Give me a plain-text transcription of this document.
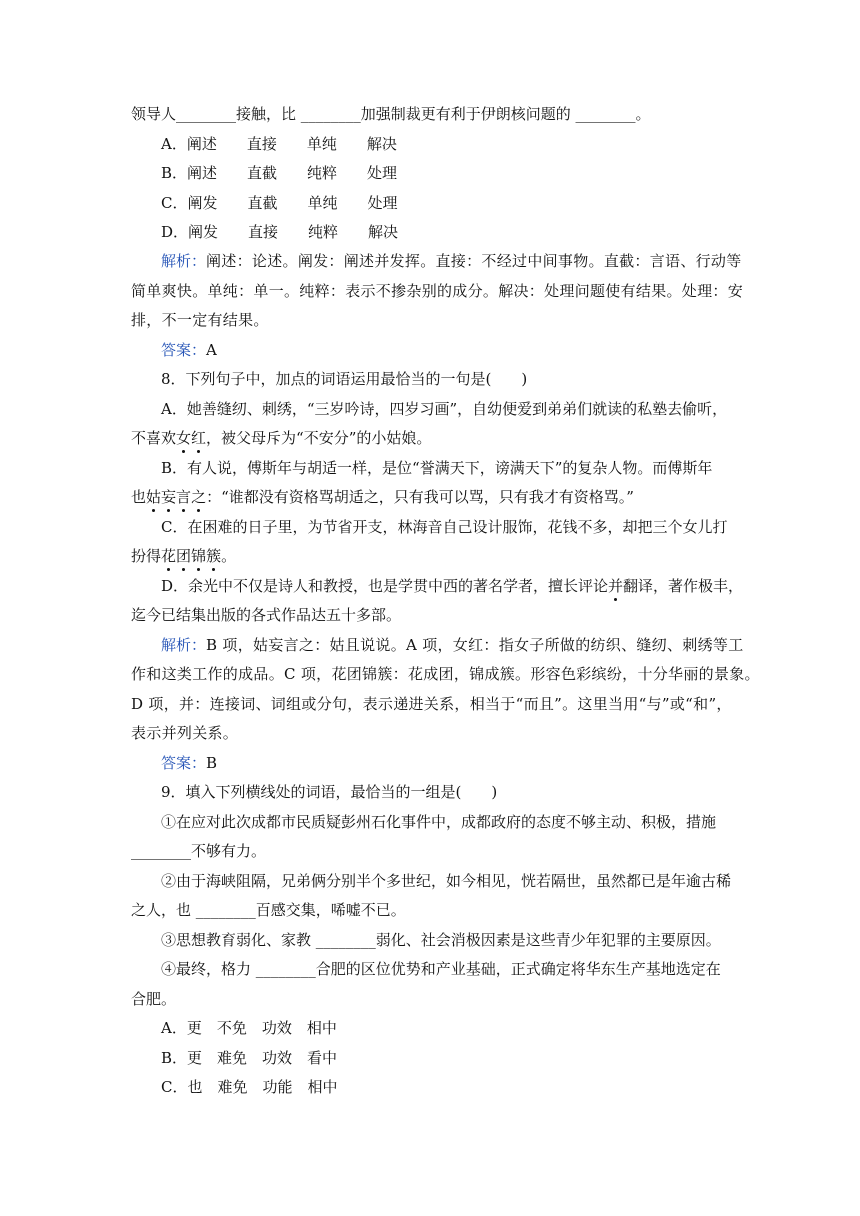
领导人________接触，比 ________加强制裁更有利于伊朗核问题的 ________。
A．阐述　　直接　　单纯　　解决
B．阐述　　直截　　纯粹　　处理
C．阐发　　直截　　单纯　　处理
D．阐发　　直接　　纯粹　　解决
解析：阐述：论述。阐发：阐述并发挥。直接：不经过中间事物。直截：言语、行动等
简单爽快。单纯：单一。纯粹：表示不掺杂别的成分。解决：处理问题使有结果。处理：安
排，不一定有结果。
答案：A
8．下列句子中，加点的词语运用最恰当的一句是(　　)
A．她善缝纫、刺绣，“三岁吟诗，四岁习画”，自幼便爱到弟弟们就读的私塾去偷听，
不喜欢女红，被父母斥为“不安分”的小姑娘。
B．有人说，傅斯年与胡适一样，是位“誉满天下，谤满天下”的复杂人物。而傅斯年
也姑妄言之：“谁都没有资格骂胡适之，只有我可以骂，只有我才有资格骂。”
C．在困难的日子里，为节省开支，林海音自己设计服饰，花钱不多，却把三个女儿打
扮得花团锦簇。
D．余光中不仅是诗人和教授，也是学贯中西的著名学者，擅长评论并翻译，著作极丰，
迄今已结集出版的各式作品达五十多部。
解析：B 项，姑妄言之：姑且说说。A 项，女红：指女子所做的纺织、缝纫、刺绣等工
作和这类工作的成品。C 项，花团锦簇：花成团，锦成簇。形容色彩缤纷，十分华丽的景象。
D 项，并：连接词、词组或分句，表示递进关系，相当于“而且”。这里当用“与”或“和”，
表示并列关系。
答案：B
9．填入下列横线处的词语，最恰当的一组是(　　)
①在应对此次成都市民质疑彭州石化事件中，成都政府的态度不够主动、积极，措施
________不够有力。
②由于海峡阻隔，兄弟俩分别半个多世纪，如今相见，恍若隔世，虽然都已是年逾古稀
之人，也 ________百感交集，唏嘘不已。
③思想教育弱化、家教 ________弱化、社会消极因素是这些青少年犯罪的主要原因。
④最终，格力 ________合肥的区位优势和产业基础，正式确定将华东生产基地选定在
合肥。
A．更　不免　功效　相中
B．更　难免　功效　看中
C．也　难免　功能　相中
